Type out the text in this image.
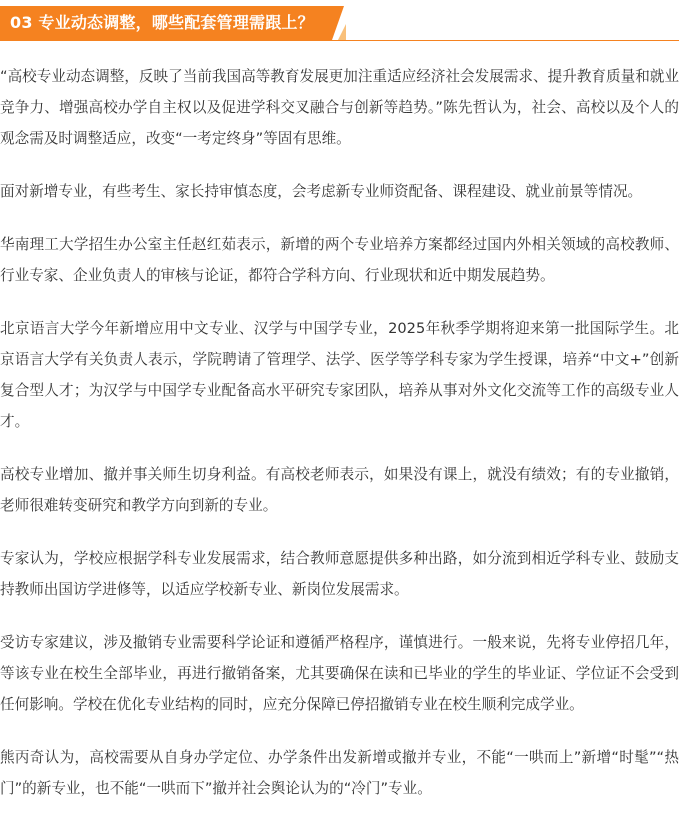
03 专业动态调整，哪些配套管理需跟上？

“高校专业动态调整，反映了当前我国高等教育发展更加注重适应经济社会发展需求、提升教育质量和就业竞争力、增强高校办学自主权以及促进学科交叉融合与创新等趋势。”陈先哲认为，社会、高校以及个人的观念需及时调整适应，改变“一考定终身”等固有思维。

面对新增专业，有些考生、家长持审慎态度，会考虑新专业师资配备、课程建设、就业前景等情况。

华南理工大学招生办公室主任赵红茹表示，新增的两个专业培养方案都经过国内外相关领域的高校教师、行业专家、企业负责人的审核与论证，都符合学科方向、行业现状和近中期发展趋势。

北京语言大学今年新增应用中文专业、汉学与中国学专业，2025年秋季学期将迎来第一批国际学生。北京语言大学有关负责人表示，学院聘请了管理学、法学、医学等学科专家为学生授课，培养“中文+”创新复合型人才；为汉学与中国学专业配备高水平研究专家团队，培养从事对外文化交流等工作的高级专业人才。

高校专业增加、撤并事关师生切身利益。有高校老师表示，如果没有课上，就没有绩效；有的专业撤销，老师很难转变研究和教学方向到新的专业。

专家认为，学校应根据学科专业发展需求，结合教师意愿提供多种出路，如分流到相近学科专业、鼓励支持教师出国访学进修等，以适应学校新专业、新岗位发展需求。

受访专家建议，涉及撤销专业需要科学论证和遵循严格程序，谨慎进行。一般来说，先将专业停招几年，等该专业在校生全部毕业，再进行撤销备案，尤其要确保在读和已毕业的学生的毕业证、学位证不会受到任何影响。学校在优化专业结构的同时，应充分保障已停招撤销专业在校生顺利完成学业。

熊丙奇认为，高校需要从自身办学定位、办学条件出发新增或撤并专业，不能“一哄而上”新增“时髦”“热门”的新专业，也不能“一哄而下”撤并社会舆论认为的“冷门”专业。
